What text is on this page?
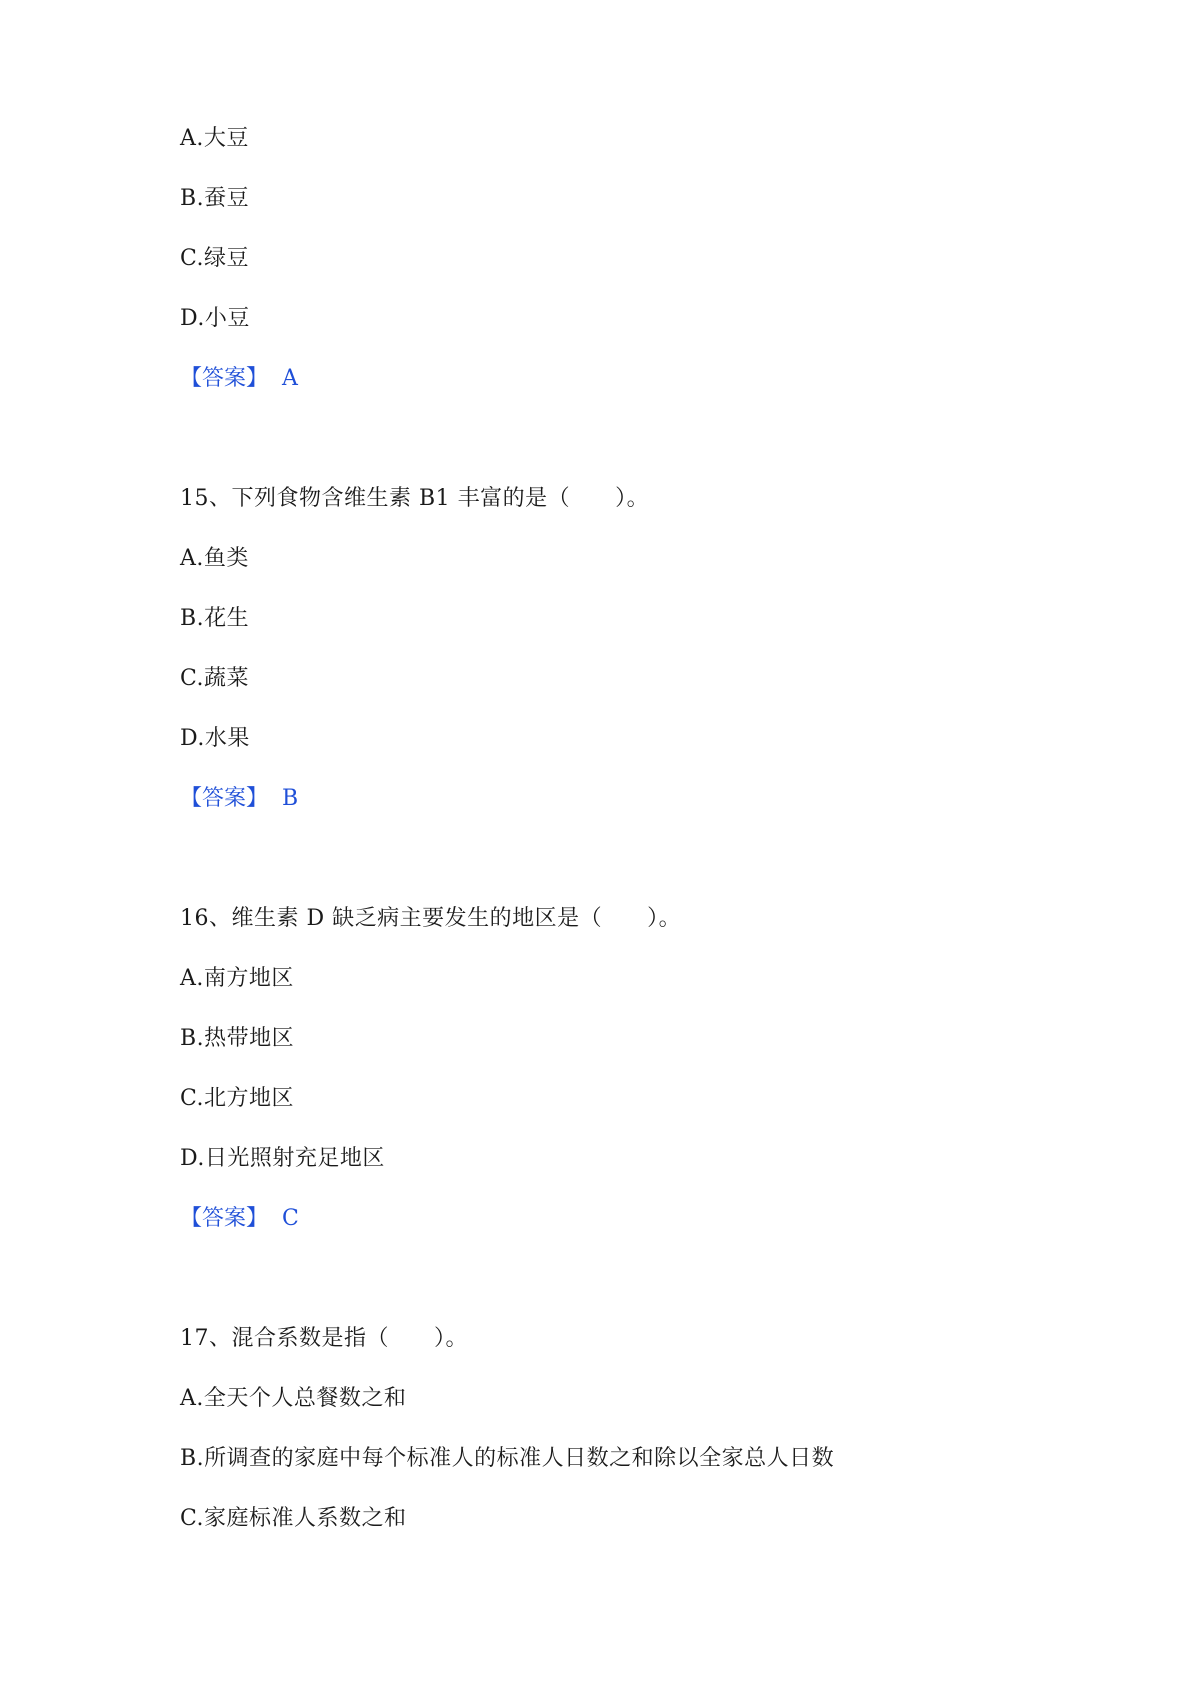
A.大豆
B.蚕豆
C.绿豆
D.小豆
【答案】 A
15、下列食物含维生素 B1 丰富的是（　　）。
A.鱼类
B.花生
C.蔬菜
D.水果
【答案】 B
16、维生素 D 缺乏病主要发生的地区是（　　）。
A.南方地区
B.热带地区
C.北方地区
D.日光照射充足地区
【答案】 C
17、混合系数是指（　　）。
A.全天个人总餐数之和
B.所调查的家庭中每个标准人的标准人日数之和除以全家总人日数
C.家庭标准人系数之和
